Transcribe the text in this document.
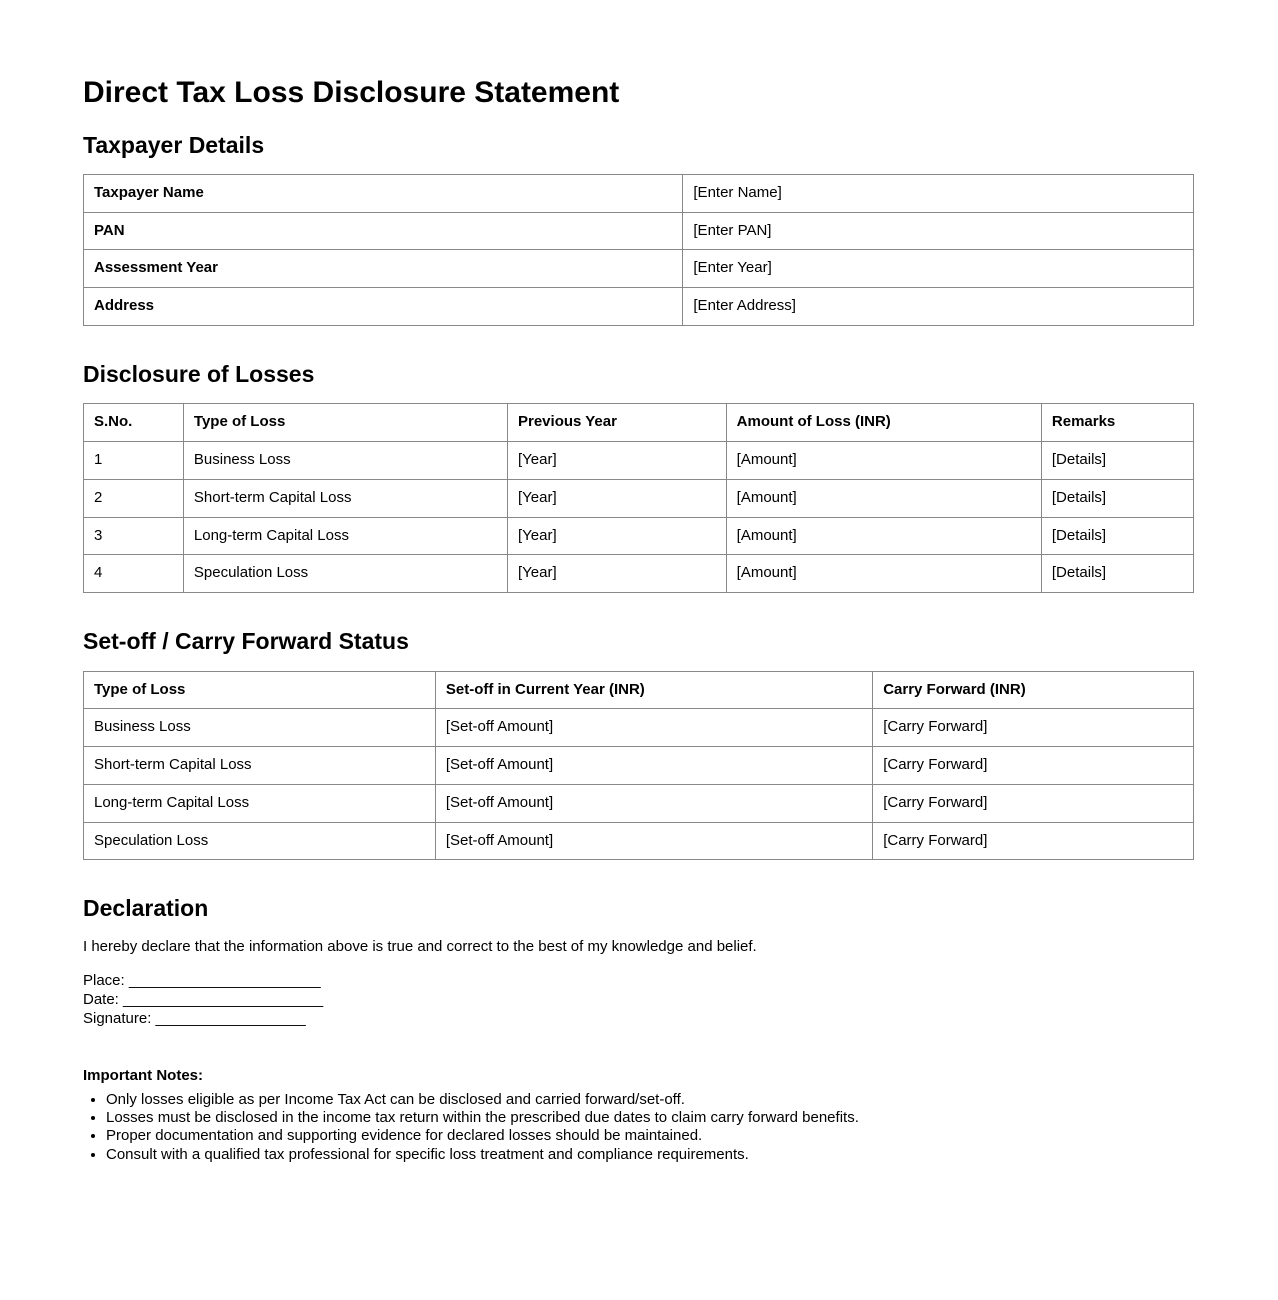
Direct Tax Loss Disclosure Statement
Taxpayer Details
Taxpayer Name	[Enter Name]
PAN	[Enter PAN]
Assessment Year	[Enter Year]
Address	[Enter Address]
Disclosure of Losses
S.No.	Type of Loss	Previous Year	Amount of Loss (INR)	Remarks
1	Business Loss	[Year]	[Amount]	[Details]
2	Short-term Capital Loss	[Year]	[Amount]	[Details]
3	Long-term Capital Loss	[Year]	[Amount]	[Details]
4	Speculation Loss	[Year]	[Amount]	[Details]
Set-off / Carry Forward Status
Type of Loss	Set-off in Current Year (INR)	Carry Forward (INR)
Business Loss	[Set-off Amount]	[Carry Forward]
Short-term Capital Loss	[Set-off Amount]	[Carry Forward]
Long-term Capital Loss	[Set-off Amount]	[Carry Forward]
Speculation Loss	[Set-off Amount]	[Carry Forward]
Declaration

I hereby declare that the information above is true and correct to the best of my knowledge and belief.

Place: _______________________
Date: ________________________
Signature: __________________

Important Notes:

• Only losses eligible as per Income Tax Act can be disclosed and carried forward/set-off.
• Losses must be disclosed in the income tax return within the prescribed due dates to claim carry forward benefits.
• Proper documentation and supporting evidence for declared losses should be maintained.
• Consult with a qualified tax professional for specific loss treatment and compliance requirements.
